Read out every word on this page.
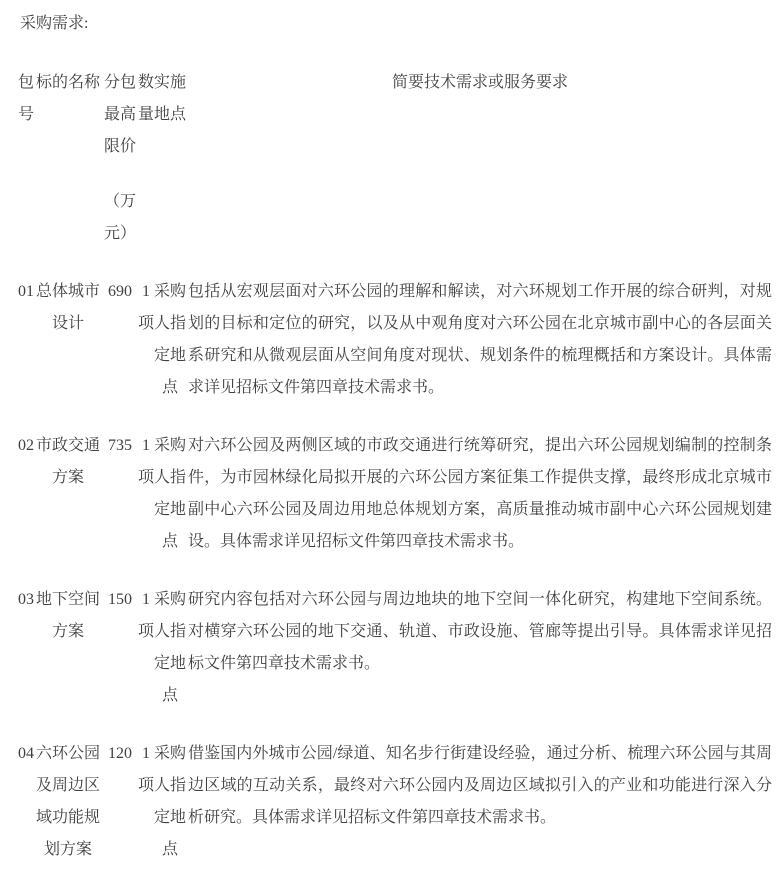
采购需求:
包号
标的名称 分包最高限价
（万元）
数量
实施地点
简要技术需求或服务要求
01 总体城市设计
690 1项
采购人指定地点
包括从宏观层面对六环公园的理解和解读，对六环规划工作开展的综合研判，对规划的目标和定位的研究，以及从中观角度对六环公园在北京城市副中心的各层面关系研究和从微观层面从空间角度对现状、规划条件的梳理概括和方案设计。具体需求详见招标文件第四章技术需求书。
02 市政交通方案
735 1项
采购人指定地点
对六环公园及两侧区域的市政交通进行统筹研究，提出六环公园规划编制的控制条件，为市园林绿化局拟开展的六环公园方案征集工作提供支撑，最终形成北京城市副中心六环公园及周边用地总体规划方案，高质量推动城市副中心六环公园规划建设。具体需求详见招标文件第四章技术需求书。
03 地下空间方案
150 1项
采购人指定地点
研究内容包括对六环公园与周边地块的地下空间一体化研究，构建地下空间系统。对横穿六环公园的地下交通、轨道、市政设施、管廊等提出引导。具体需求详见招标文件第四章技术需求书。
04 六环公园及周边区域功能规划方案
120 1项
采购人指定地点
借鉴国内外城市公园/绿道、知名步行街建设经验，通过分析、梳理六环公园与其周边区域的互动关系，最终对六环公园内及周边区域拟引入的产业和功能进行深入分析研究。具体需求详见招标文件第四章技术需求书。
